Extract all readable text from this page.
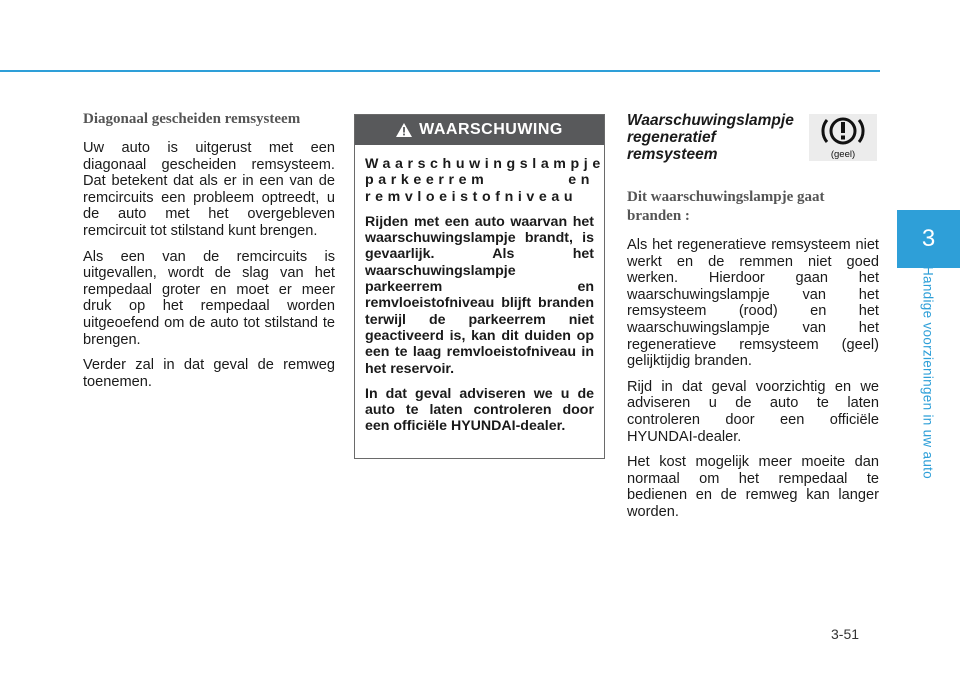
3
Handige voorzieningen in uw auto

Diagonaal gescheiden remsysteem

Uw auto is uitgerust met een diagonaal gescheiden remsysteem. Dat betekent dat als er in een van de remcircuits een probleem optreedt, u de auto met het overgebleven remcircuit tot stilstand kunt brengen.

Als een van de remcircuits is uitgevallen, wordt de slag van het rempedaal groter en moet er meer druk op het rempedaal worden uitgeoefend om de auto tot stilstand te brengen.

Verder zal in dat geval de remweg toenemen.

WAARSCHUWING

Waarschuwingslampje parkeerrem en remvloeistofniveau

Rijden met een auto waarvan het waarschuwingslampje brandt, is gevaarlijk. Als het waarschuwingslampje parkeerrem en remvloeistofniveau blijft branden terwijl de parkeerrem niet geactiveerd is, kan dit duiden op een te laag remvloeistofniveau in het reservoir.

In dat geval adviseren we u de auto te laten controleren door een officiële HYUNDAI-dealer.

Waarschuwingslampje regeneratief remsysteem

Dit waarschuwingslampje gaat branden :

Als het regeneratieve remsysteem niet werkt en de remmen niet goed werken. Hierdoor gaan het waarschuwingslampje van het remsysteem (rood) en het waarschuwingslampje van het regeneratieve remsysteem (geel) gelijktijdig branden.

Rijd in dat geval voorzichtig en we adviseren u de auto te laten controleren door een officiële HYUNDAI-dealer.

Het kost mogelijk meer moeite dan normaal om het rempedaal te bedienen en de remweg kan langer worden.

(geel)
3-51
